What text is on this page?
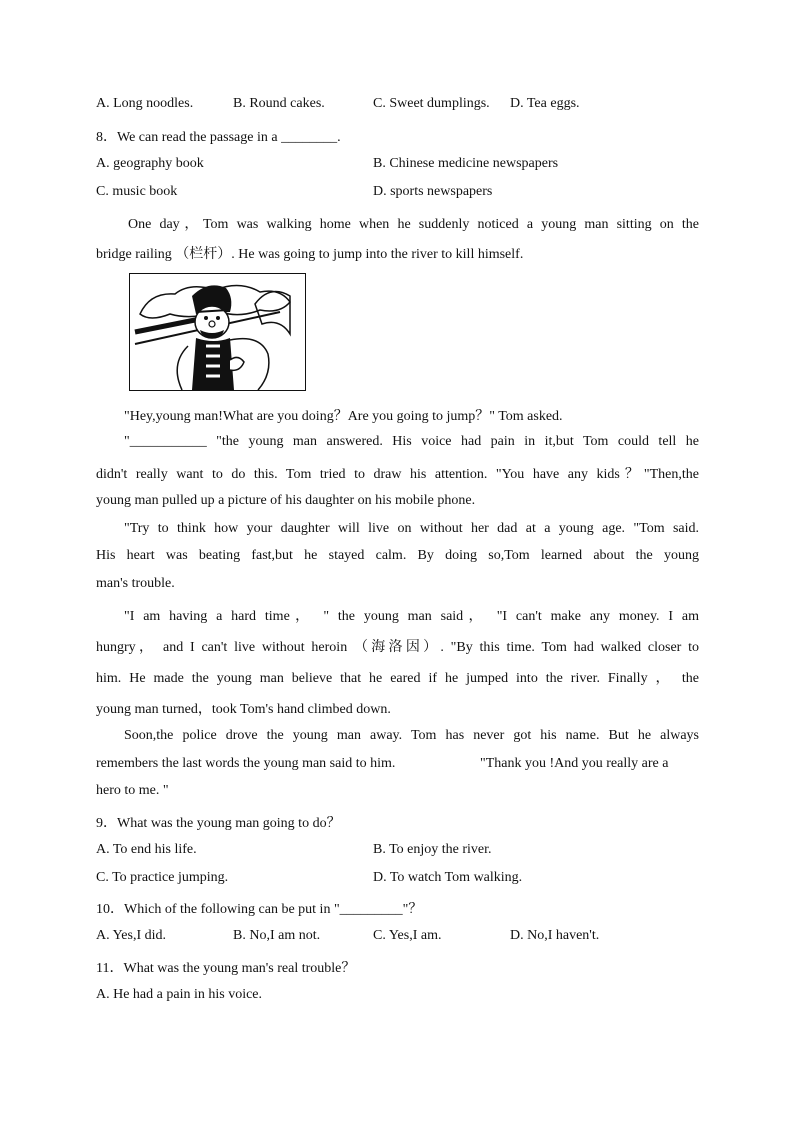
A. Long noodles.	B. Round cakes.	C. Sweet dumplings. D. Tea eggs.
8．We can read the passage in a ________.
A. geography book	B. Chinese medicine newspapers
C. music book	D. sports newspapers
One day，Tom was walking home when he suddenly noticed a young man sitting on the
bridge railing （栏杆）. He was going to jump into the river to kill himself.
"Hey,young man!What are you doing？Are you going to jump？" Tom asked.
"___________ "the young man answered. His voice had pain in it,but Tom could tell he
didn't really want to do this. Tom tried to draw his attention. "You have any kids？"Then,the
young man pulled up a picture of his daughter on his mobile phone.
"Try to think how your daughter will live on without her dad at a young age. "Tom said.
His heart was beating fast,but he stayed calm. By doing so,Tom learned about the young
man's trouble.
"I am having a hard time， " the young man said， "I can't make any money. I am
hungry， and I can't live without heroin （海洛因）. "By this time. Tom had walked closer to
him. He made the young man believe that he eared if he jumped into the river. Finally ， the
young man turned，took Tom's hand climbed down.
Soon,the police drove the young man away. Tom has never got his name. But he always
remembers the last words the young man said to him.	"Thank you !And you really are a
hero to me. "
9．What was the young man going to do？
A. To end his life.	B. To enjoy the river.
C. To practice jumping.	D. To watch Tom walking.
10．Which of the following can be put in "_________"？
A. Yes,I did.	B. No,I am not.	C. Yes,I am.	D. No,I haven't.
11．What was the young man's real trouble？
A. He had a pain in his voice.
